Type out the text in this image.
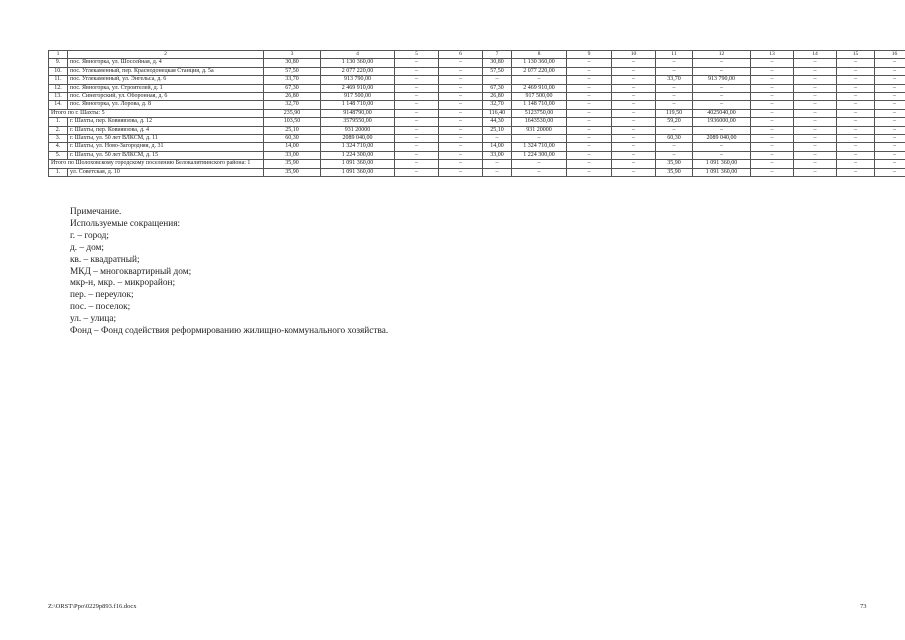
1	2	3	4	5	6	7	8	9	10	11	12	13	14	15	16
9.	пос. Явногорка, ул. Шоссейная, д. 4	30,80	1 130 360,00	–	–	30,80	1 130 360,00	–	–	–	–	–	–	–	–
10.	пос. Углекаменный, пер. Краснодонецкая Станция, д. 5а	57,50	2 077 220,00	–	–	57,50	2 077 220,00	–	–	–	–	–	–	–	–
11.	пос. Углекаменный, ул. Энгельса, д. 6	33,70	913 790,00	–	–	–	–	–	–	33,70	913 790,00	–	–	–	–
12.	пос. Явногорка, ул. Строителей, д. 1	67,30	2 469 910,00	–	–	67,30	2 469 910,00	–	–	–	–	–	–	–	–
13.	пос. Синегорский, ул. Оборонная, д. 6	26,80	917 500,00	–	–	26,80	917 500,00	–	–	–	–	–	–	–	–
14.	пос. Явногорка, ул. Лорова, д. 8	32,70	1 148 710,00	–	–	32,70	1 148 710,00	–	–	–	–	–	–	–	–
Итого по г. Шахты: 5		235,90	9148790,00	–	–	116,40	5123750,00	–	–	119,50	4025040,00	–	–	–	–
1.	г. Шахты, пер. Ковиявзова, д. 12	103,50	3579550,00	–	–	44,30	1643530,00	–	–	59,20	1936000,00	–	–	–	–
2.	г. Шахты, пер. Ковиявзова, д. 4	25,10	931 20000	–	–	25,10	931 20000	–	–	–	–	–	–	–	–
3.	г. Шахты, ул. 50 лет ВЛКСМ, д. 11	60,30	2089 040,00	–	–	–	–	–	–	60,30	2089 040,00	–	–	–	–
4.	г. Шахты, ул. Ново-Загородняя, д. 31	14,00	1 324 710,00	–	–	14,00	1 324 710,00	–	–	–	–	–	–	–	–
5.	г. Шахты, ул. 50 лет ВЛКСМ, д. 15	33,00	1 224 300,00	–	–	33,00	1 224 300,00	–	–	–	–	–	–	–	–
Итого по Шолоховскому городскому поселению Белокалитвинского района: 1		35,90	1 091 360,00	–	–	–	–	–	–	35,90	1 091 360,00	–	–	–	–
1.	ул. Советская, д. 10	35,90	1 091 360,00	–	–	–	–	–	–	35,90	1 091 360,00	–	–	–	–
Примечание.
Используемые сокращения:
г. – город;
д. – дом;
кв. – квадратный;
МКД – многоквартирный дом;
мкр-н, мкр. – микрорайон;
пер. – переулок;
пос. – поселок;
ул. – улица;
Фонд – Фонд содействия реформированию жилищно-коммунального хозяйства.
Z:\ORST\Ppo\0229p893.f16.docx	73
